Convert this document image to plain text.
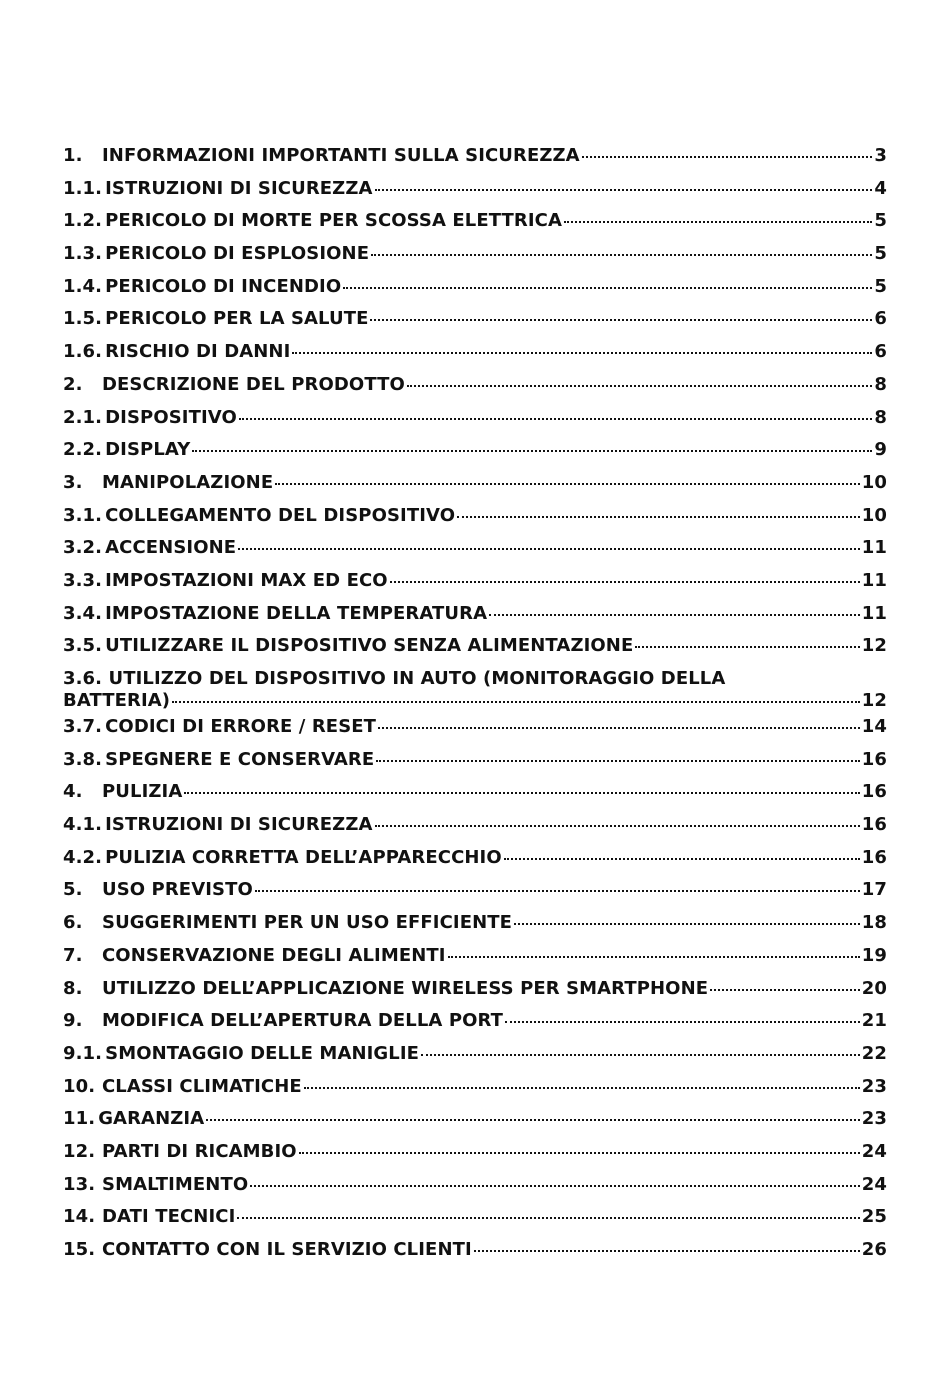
1.	INFORMAZIONI IMPORTANTI SULLA SICUREZZA	3
1.1. ISTRUZIONI DI SICUREZZA	4
1.2. PERICOLO DI MORTE PER SCOSSA ELETTRICA	5
1.3. PERICOLO DI ESPLOSIONE	5
1.4. PERICOLO DI INCENDIO	5
1.5. PERICOLO PER LA SALUTE	6
1.6. RISCHIO DI DANNI	6
2.	DESCRIZIONE DEL PRODOTTO	8
2.1. DISPOSITIVO	8
2.2. DISPLAY	9
3.	MANIPOLAZIONE	10
3.1. COLLEGAMENTO DEL DISPOSITIVO	10
3.2. ACCENSIONE	11
3.3. IMPOSTAZIONI MAX ED ECO	11
3.4. IMPOSTAZIONE DELLA TEMPERATURA	11
3.5. UTILIZZARE IL DISPOSITIVO SENZA ALIMENTAZIONE	12
3.6. UTILIZZO DEL DISPOSITIVO IN AUTO (MONITORAGGIO DELLA
BATTERIA)	12
3.7. CODICI DI ERRORE / RESET	14
3.8. SPEGNERE E CONSERVARE	16
4.	PULIZIA	16
4.1. ISTRUZIONI DI SICUREZZA	16
4.2. PULIZIA CORRETTA DELL’APPARECCHIO	16
5.	USO PREVISTO	17
6.	SUGGERIMENTI PER UN USO EFFICIENTE	18
7.	CONSERVAZIONE DEGLI ALIMENTI	19
8.	UTILIZZO DELL’APPLICAZIONE WIRELESS PER SMARTPHONE	20
9.	MODIFICA DELL’APERTURA DELLA PORT	21
9.1. SMONTAGGIO DELLE MANIGLIE	22
10. CLASSI CLIMATICHE	23
11. GARANZIA	23
12. PARTI DI RICAMBIO	24
13. SMALTIMENTO	24
14. DATI TECNICI	25
15. CONTATTO CON IL SERVIZIO CLIENTI	26
